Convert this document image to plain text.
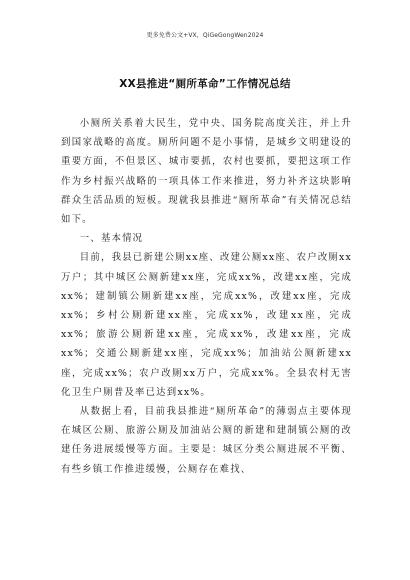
更多免费公文+VX，QiGeGongWen2024
XX县推进“厕所革命”工作情况总结

小厕所关系着大民生，党中央、国务院高度关注，并上升到国家战略的高度。厕所问题不是小事情，是城乡文明建设的重要方面，不但景区、城市要抓，农村也要抓，要把这项工作作为乡村振兴战略的一项具体工作来推进，努力补齐这块影响群众生活品质的短板。现就我县推进“厕所革命”有关情况总结如下。

一、基本情况

目前，我县已新建公厕xx座、改建公厕xx座、农户改厕xx万户；其中城区公厕新建xx座，完成xx%，改建xx座，完成xx%；建制镇公厕新建xx座，完成xx%，改建xx座，完成xx%；乡村公厕新建xx座，完成xx%，改建xx座，完成xx%；旅游公厕新建xx座，完成xx%，改建xx座，完成xx%；交通公厕新建xx座，完成xx%；加油站公厕新建xx座，完成xx%；农户改厕xx万户，完成xx%。全县农村无害化卫生户厕普及率已达到xx%。

从数据上看，目前我县推进“厕所革命”的薄弱点主要体现在城区公厕、旅游公厕及加油站公厕的新建和建制镇公厕的改建任务进展缓慢等方面。主要是：城区分类公厕进展不平衡、有些乡镇工作推进缓慢，公厕存在难找、
